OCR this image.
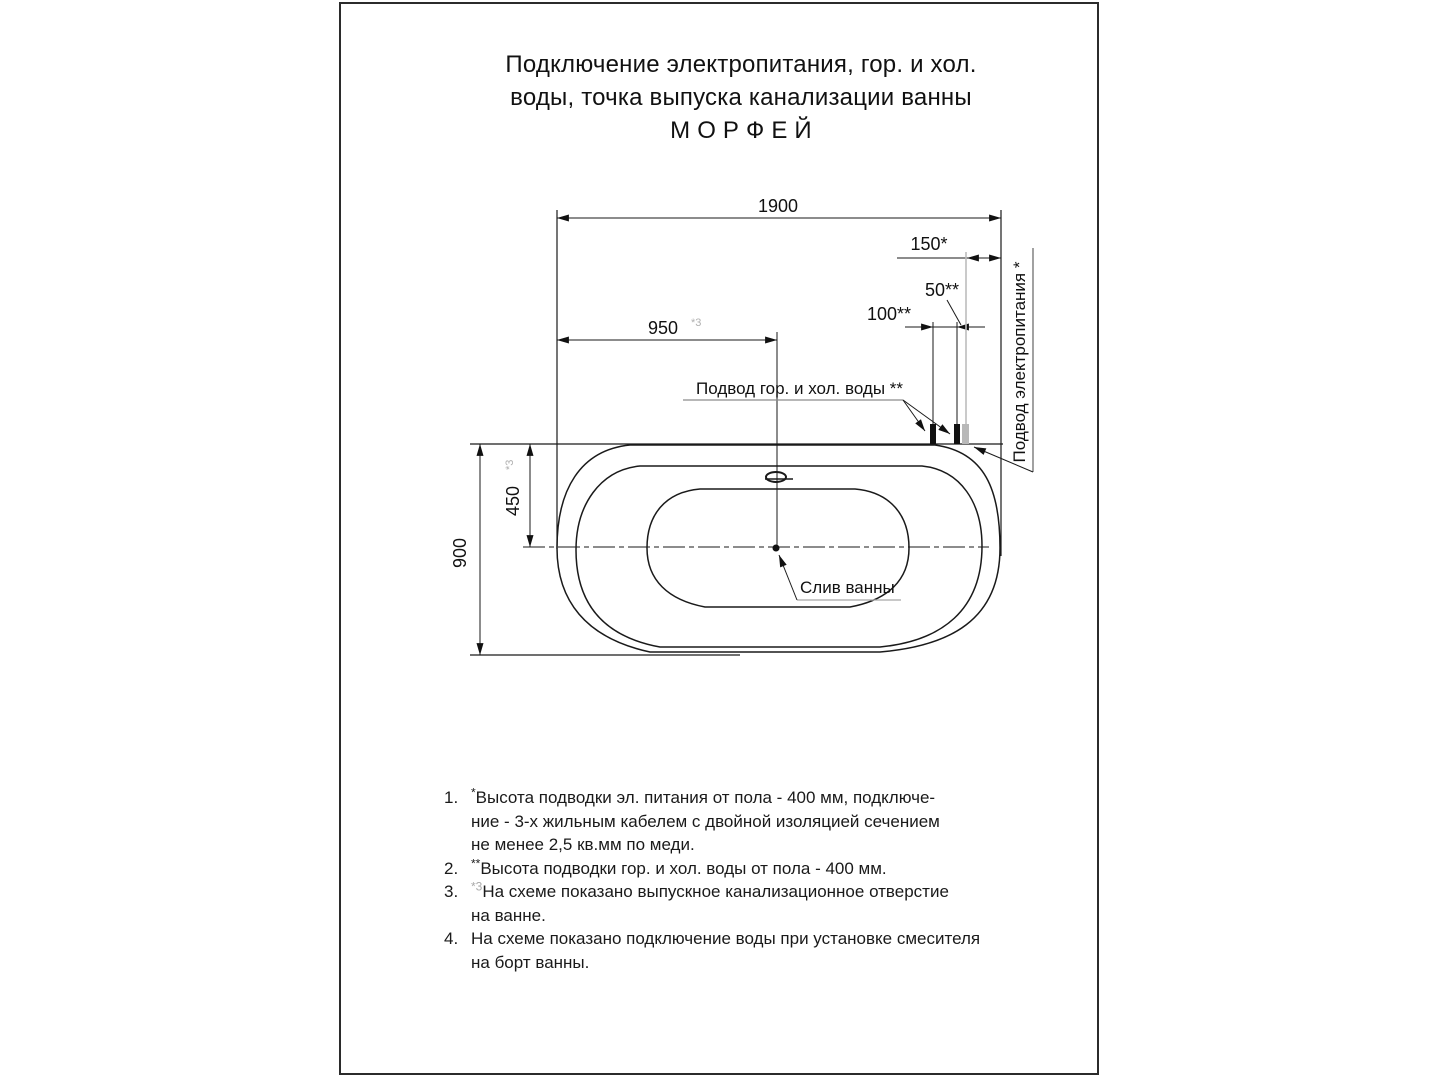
Подключение электропитания, гор. и хол.
воды, точка выпуска канализации ванны
М О Р Ф Е Й
1900
950 *3
150*
50**
100**
450
*3
900
Подвод гор. и хол. воды **	Подвод электропитания *
Слив ванны
1.	*Высота подводки эл. питания от пола - 400 мм, подключе-
ние - 3-х жильным кабелем с двойной изоляцией сечением
не менее 2,5 кв.мм по меди.
2.	**Высота подводки гор. и хол. воды от пола - 400 мм.
3.	$^{*3}$На схеме показано выпускное канализационное отверстие
на ванне.
4. На схеме показано подключение воды при установке смесителя
на борт ванны.
